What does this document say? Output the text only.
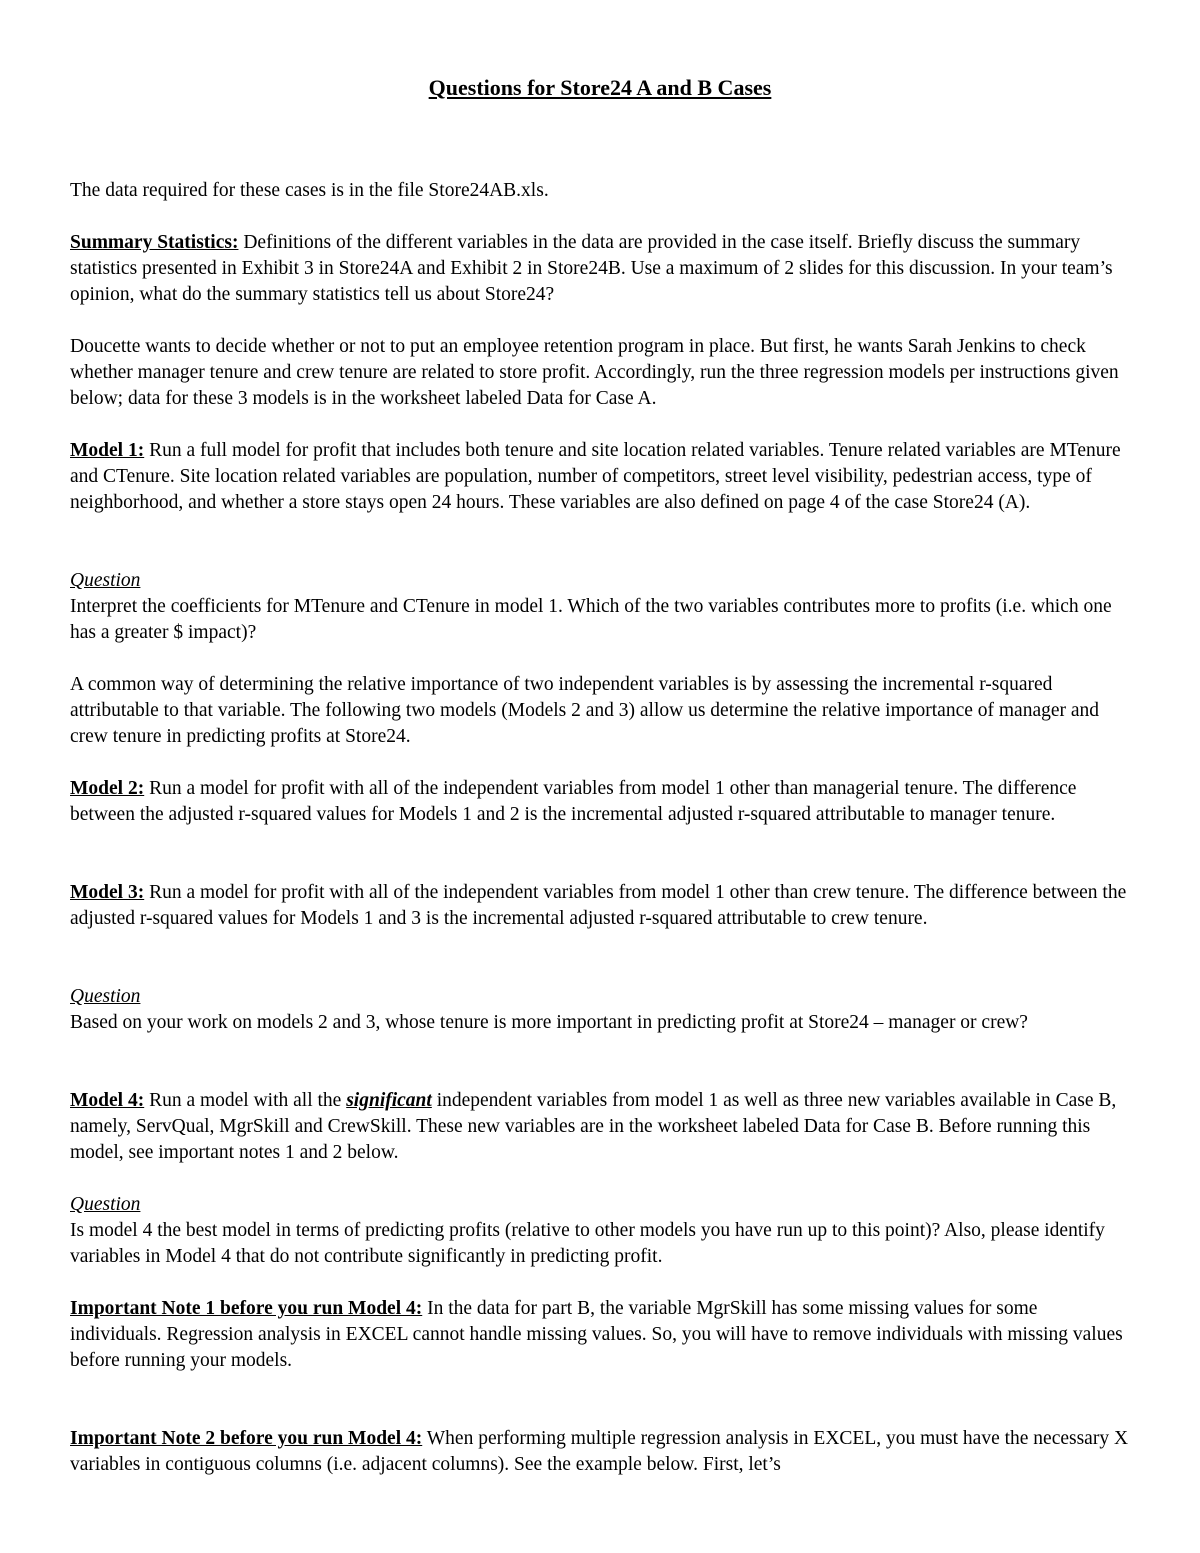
Questions for Store24 A and B Cases

The data required for these cases is in the file Store24AB.xls.

Summary Statistics: Definitions of the different variables in the data are provided in the case itself. Briefly discuss the summary statistics presented in Exhibit 3 in Store24A and Exhibit 2 in Store24B. Use a maximum of 2 slides for this discussion. In your team’s opinion, what do the summary statistics tell us about Store24?

Doucette wants to decide whether or not to put an employee retention program in place. But first, he wants Sarah Jenkins to check whether manager tenure and crew tenure are related to store profit. Accordingly, run the three regression models per instructions given below; data for these 3 models is in the worksheet labeled Data for Case A.

Model 1: Run a full model for profit that includes both tenure and site location related variables. Tenure related variables are MTenure and CTenure. Site location related variables are population, number of competitors, street level visibility, pedestrian access, type of neighborhood, and whether a store stays open 24 hours. These variables are also defined on page 4 of the case Store24 (A).

Question
Interpret the coefficients for MTenure and CTenure in model 1. Which of the two variables contributes more to profits (i.e. which one has a greater $ impact)?

A common way of determining the relative importance of two independent variables is by assessing the incremental r-squared attributable to that variable. The following two models (Models 2 and 3) allow us determine the relative importance of manager and crew tenure in predicting profits at Store24.

Model 2: Run a model for profit with all of the independent variables from model 1 other than managerial tenure. The difference between the adjusted r-squared values for Models 1 and 2 is the incremental adjusted r-squared attributable to manager tenure.

Model 3: Run a model for profit with all of the independent variables from model 1 other than crew tenure. The difference between the adjusted r-squared values for Models 1 and 3 is the incremental adjusted r-squared attributable to crew tenure.

Question
Based on your work on models 2 and 3, whose tenure is more important in predicting profit at Store24 – manager or crew?

Model 4: Run a model with all the significant independent variables from model 1 as well as three new variables available in Case B, namely, ServQual, MgrSkill and CrewSkill. These new variables are in the worksheet labeled Data for Case B. Before running this model, see important notes 1 and 2 below.

Question
Is model 4 the best model in terms of predicting profits (relative to other models you have run up to this point)? Also, please identify variables in Model 4 that do not contribute significantly in predicting profit.

Important Note 1 before you run Model 4: In the data for part B, the variable MgrSkill has some missing values for some individuals. Regression analysis in EXCEL cannot handle missing values. So, you will have to remove individuals with missing values before running your models.

Important Note 2 before you run Model 4: When performing multiple regression analysis in EXCEL, you must have the necessary X variables in contiguous columns (i.e. adjacent columns). See the example below. First, let’s
